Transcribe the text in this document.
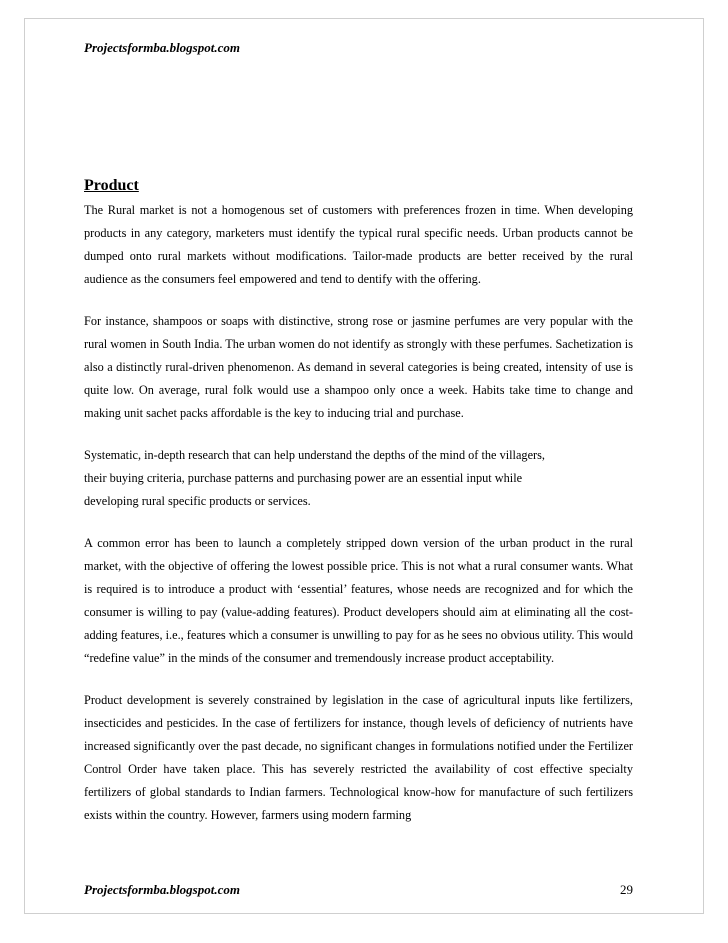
Projectsformba.blogspot.com
Product

The Rural market is not a homogenous set of customers with preferences frozen in time. When developing products in any category, marketers must identify the typical rural specific needs. Urban products cannot be dumped onto rural markets without modifications. Tailor-made products are better received by the rural audience as the consumers feel empowered and tend to dentify with the offering.

For instance, shampoos or soaps with distinctive, strong rose or jasmine perfumes are very popular with the rural women in South India. The urban women do not identify as strongly with these perfumes. Sachetization is also a distinctly rural-driven phenomenon. As demand in several categories is being created, intensity of use is quite low. On average, rural folk would use a shampoo only once a week. Habits take time to change and making unit sachet packs affordable is the key to inducing trial and purchase.

Systematic, in-depth research that can help understand the depths of the mind of the villagers,
their buying criteria, purchase patterns and purchasing power are an essential input while
developing rural specific products or services.

A common error has been to launch a completely stripped down version of the urban product in the rural market, with the objective of offering the lowest possible price. This is not what a rural consumer wants. What is required is to introduce a product with ‘essential’ features, whose needs are recognized and for which the consumer is willing to pay (value-adding features). Product developers should aim at eliminating all the cost-adding features, i.e., features which a consumer is unwilling to pay for as he sees no obvious utility. This would “redefine value” in the minds of the consumer and tremendously increase product acceptability.

Product development is severely constrained by legislation in the case of agricultural inputs like fertilizers, insecticides and pesticides. In the case of fertilizers for instance, though levels of deficiency of nutrients have increased significantly over the past decade, no significant changes in formulations notified under the Fertilizer Control Order have taken place. This has severely restricted the availability of cost effective specialty fertilizers of global standards to Indian farmers. Technological know-how for manufacture of such fertilizers exists within the country. However, farmers using modern farming

Projectsformba.blogspot.com	29
